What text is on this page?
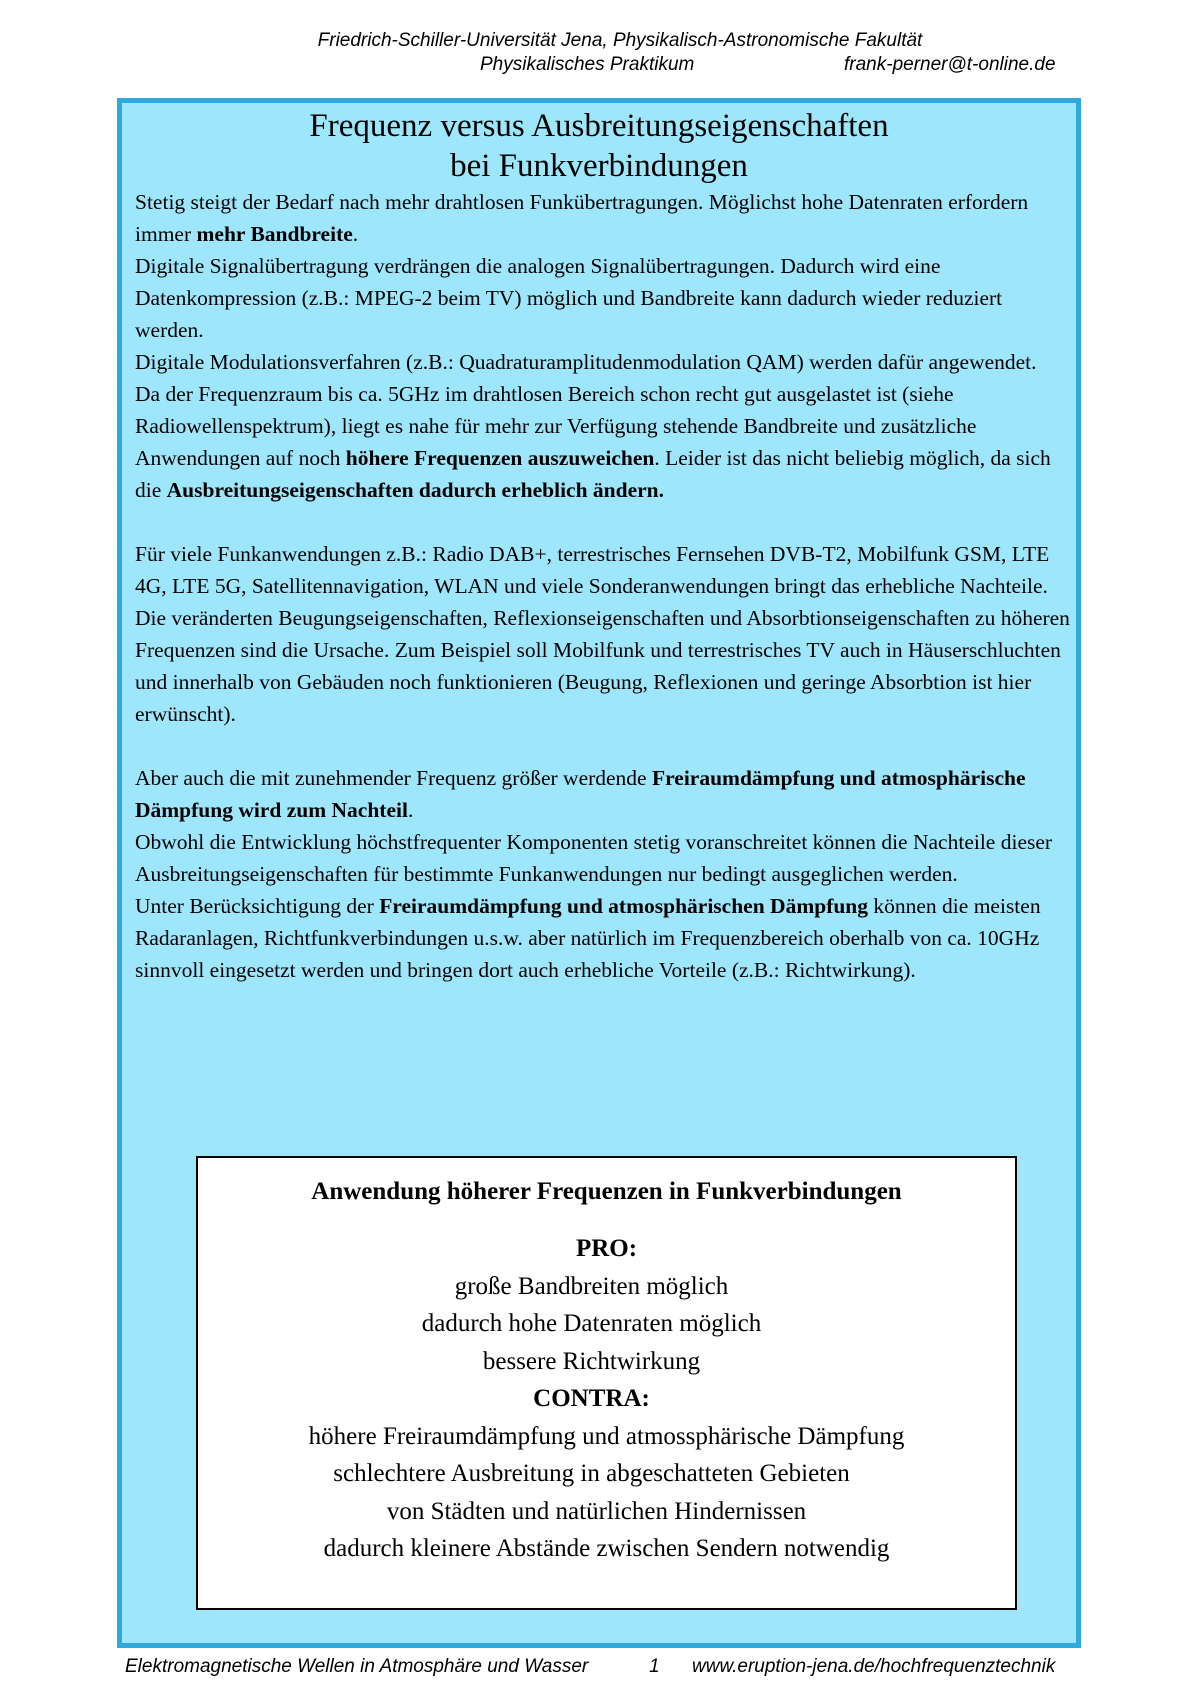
Friedrich-Schiller-Universität Jena, Physikalisch-Astronomische Fakultät
Physikalisches Praktikum	frank-perner@t-online.de
Frequenz versus Ausbreitungseigenschaften
bei Funkverbindungen

Stetig steigt der Bedarf nach mehr drahtlosen Funkübertragungen. Möglichst hohe Datenraten erfordern immer mehr Bandbreite.

Digitale Signalübertragung verdrängen die analogen Signalübertragungen. Dadurch wird eine Datenkompression (z.B.: MPEG-2 beim TV) möglich und Bandbreite kann dadurch wieder reduziert werden.

Digitale Modulationsverfahren (z.B.: Quadraturamplitudenmodulation QAM) werden dafür angewendet.

Da der Frequenzraum bis ca. 5GHz im drahtlosen Bereich schon recht gut ausgelastet ist (siehe Radiowellenspektrum), liegt es nahe für mehr zur Verfügung stehende Bandbreite und zusätzliche Anwendungen auf noch höhere Frequenzen auszuweichen. Leider ist das nicht beliebig möglich, da sich die Ausbreitungseigenschaften dadurch erheblich ändern.

Für viele Funkanwendungen z.B.: Radio DAB+, terrestrisches Fernsehen DVB-T2, Mobilfunk GSM, LTE 4G, LTE 5G, Satellitennavigation, WLAN und viele Sonderanwendungen bringt das erhebliche Nachteile.

Die veränderten Beugungseigenschaften, Reflexionseigenschaften und Absorbtionseigenschaften zu höheren Frequenzen sind die Ursache. Zum Beispiel soll Mobilfunk und terrestrisches TV auch in Häuserschluchten und innerhalb von Gebäuden noch funktionieren (Beugung, Reflexionen und geringe Absorbtion ist hier erwünscht).

Aber auch die mit zunehmender Frequenz größer werdende Freiraumdämpfung und atmosphärische Dämpfung wird zum Nachteil.

Obwohl die Entwicklung höchstfrequenter Komponenten stetig voranschreitet können die Nachteile dieser Ausbreitungseigenschaften für bestimmte Funkanwendungen nur bedingt ausgeglichen werden.

Unter Berücksichtigung der Freiraumdämpfung und atmosphärischen Dämpfung können die meisten Radaranlagen, Richtfunkverbindungen u.s.w. aber natürlich im Frequenzbereich oberhalb von ca. 10GHz sinnvoll eingesetzt werden und bringen dort auch erhebliche Vorteile (z.B.: Richtwirkung).

Anwendung höherer Frequenzen in Funkverbindungen
PRO:
große Bandbreiten möglich
dadurch hohe Datenraten möglich
bessere Richtwirkung
CONTRA:
höhere Freiraumdämpfung und atmossphärische Dämpfung
schlechtere Ausbreitung in abgeschatteten Gebieten
von Städten und natürlichen Hindernissen
dadurch kleinere Abstände zwischen Sendern notwendig
Elektromagnetische Wellen in Atmosphäre und Wasser	1 www.eruption-jena.de/hochfrequenztechnik
